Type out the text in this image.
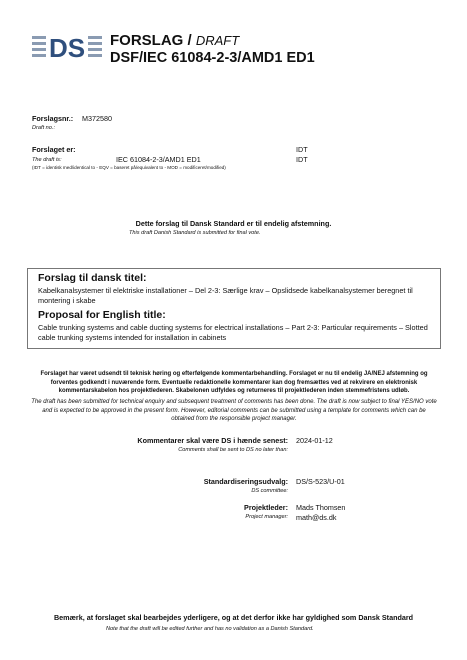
DS FORSLAG / DRAFT
DSF/IEC 61084-2-3/AMD1 ED1
Forslagsnr.: M372580
Draft no.:
Forslaget er:	IDT
The draft is:	IEC 61084-2-3/AMD1 ED1	IDT
(IDT = identisk med/identical to - EQV = baseret på/equivalent to - MOD = modificeret/modified)
Dette forslag til Dansk Standard er til endelig afstemning.
This draft Danish Standard is submitted for final vote.
Forslag til dansk titel:

Kabelkanalsystemer til elektriske installationer – Del 2-3: Særlige krav – Opslidsede kabelkanalsystemer beregnet til montering i skabe

Proposal for English title:

Cable trunking systems and cable ducting systems for electrical installations – Part 2-3: Particular requirements – Slotted cable trunking systems intended for installation in cabinets

Forslaget har været udsendt til teknisk høring og efterfølgende kommentarbehandling. Forslaget er nu til endelig JA/NEJ afstemning og forventes godkendt i nuværende form. Eventuelle redaktionelle kommentarer kan dog fremsættes ved at rekvirere en elektronisk kommentarskabelon hos projektlederen. Skabelonen udfyldes og returneres til projektlederen inden stemmefristens udløb.
The draft has been submitted for technical enquiry and subsequent treatment of comments has been done. The draft is now subject to final YES/NO vote and is expected to be approved in the present form. However, editorial comments can be submitted using a template for comments which can be obtained from the responsible project manager.
Kommentarer skal være DS i hænde senest: 2024-01-12
Comments shall be sent to DS no later than:
Standardiseringsudvalg: DS/S-523/U-01
DS committee:
Projektleder: Mads Thomsen
Project manager: math@ds.dk
Bemærk, at forslaget skal bearbejdes yderligere, og at det derfor ikke har gyldighed som Dansk Standard
Note that the draft will be edited further and has no validation as a Danish Standard.
